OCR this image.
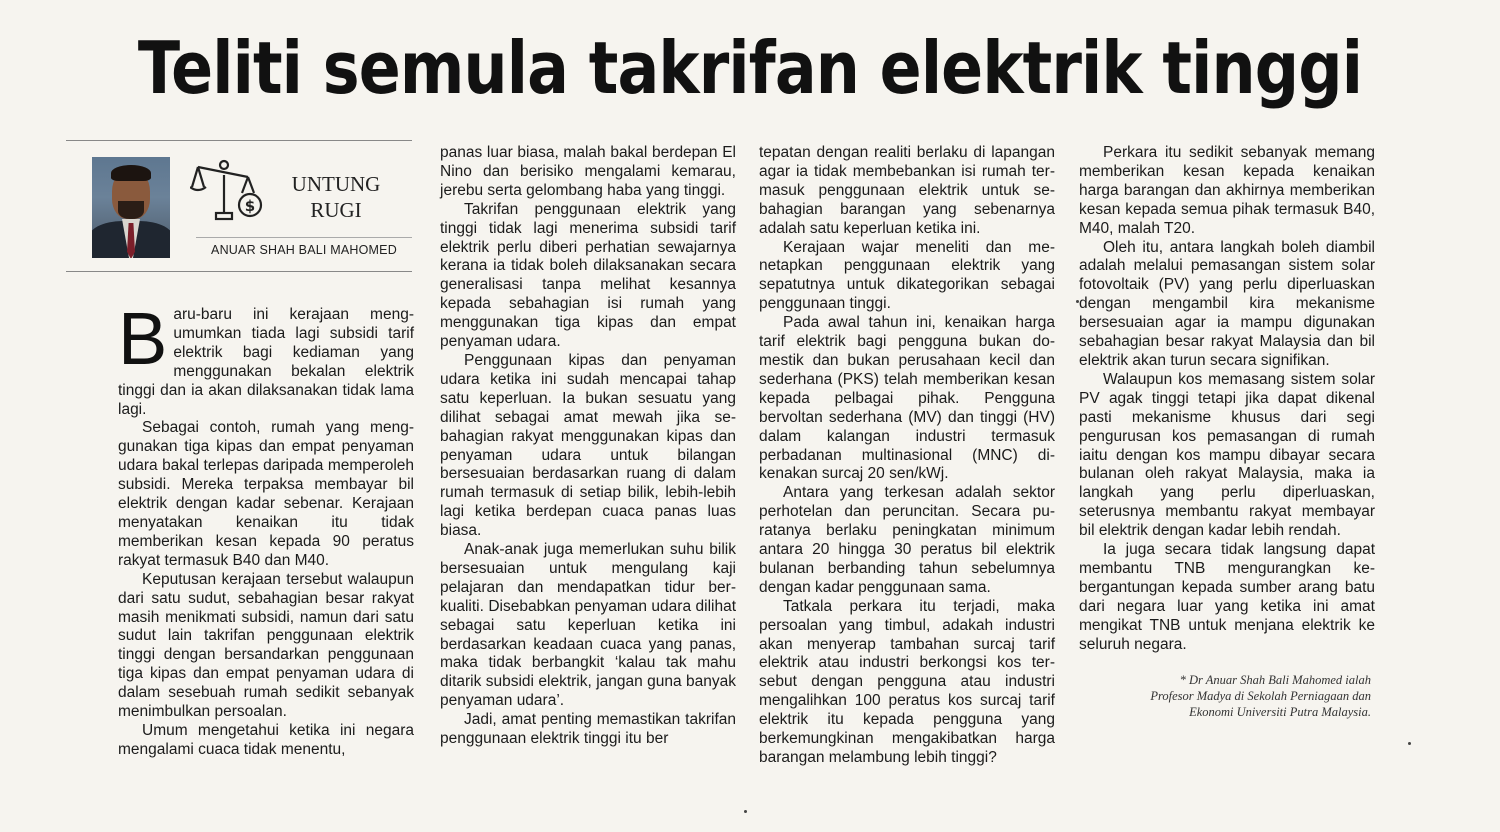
Teliti semula takrifan elektrik tinggi
$
UNTUNG
RUGI
ANUAR SHAH BALI MAHOMED

Baru-baru ini kerajaan mengumumkan tiada lagi subsidi tarif elektrik bagi kediaman yang menggunakan bekalan elektrik tinggi dan ia akan dilaksanakan tidak lama lagi.

Sebagai contoh, rumah yang menggunakan tiga kipas dan empat penyaman udara bakal terlepas daripada memperoleh subsidi. Mereka terpaksa membayar bil elektrik dengan kadar sebenar. Kerajaan menyatakan kenaikan itu tidak memberikan kesan kepada 90 peratus rakyat termasuk B40 dan M40.

Keputusan kerajaan tersebut walaupun dari satu sudut, sebahagian besar rakyat masih menikmati subsidi, namun dari satu sudut lain takrifan penggunaan elektrik tinggi dengan bersandarkan penggunaan tiga kipas dan empat penyaman udara di dalam sesebuah rumah sedikit sebanyak menimbulkan persoalan.

Umum mengetahui ketika ini negara mengalami cuaca tidak menentu,

panas luar biasa, malah bakal berdepan El Nino dan berisiko mengalami kemarau, jerebu serta gelombang haba yang tinggi.

Takrifan penggunaan elektrik yang tinggi tidak lagi menerima subsidi tarif elektrik perlu diberi perhatian sewajarnya kerana ia tidak boleh dilaksanakan secara generalisasi tanpa melihat kesannya kepada sebahagian isi rumah yang menggunakan tiga kipas dan empat penyaman udara.

Penggunaan kipas dan penyaman udara ketika ini sudah mencapai tahap satu keperluan. Ia bukan sesuatu yang dilihat sebagai amat mewah jika sebahagian rakyat menggunakan kipas dan penyaman udara untuk bilangan bersesuaian berdasarkan ruang di dalam rumah termasuk di setiap bilik, lebih-lebih lagi ketika berdepan cuaca panas luas biasa.

Anak-anak juga memerlukan suhu bilik bersesuaian untuk mengulang kaji pelajaran dan mendapatkan tidur berkualiti. Disebabkan penyaman udara dilihat sebagai satu keperluan ketika ini berdasarkan keadaan cuaca yang panas, maka tidak berbangkit ‘kalau tak mahu ditarik subsidi elektrik, jangan guna banyak penyaman udara’.

Jadi, amat penting memastikan takrifan penggunaan elektrik tinggi itu ber

tepatan dengan realiti berlaku di lapangan agar ia tidak membebankan isi rumah termasuk penggunaan elektrik untuk sebahagian barangan yang sebenarnya adalah satu keperluan ketika ini.

Kerajaan wajar meneliti dan menetapkan penggunaan elektrik yang sepatutnya untuk dikategorikan sebagai penggunaan tinggi.

Pada awal tahun ini, kenaikan harga tarif elektrik bagi pengguna bukan domestik dan bukan perusahaan kecil dan sederhana (PKS) telah memberikan kesan kepada pelbagai pihak. Pengguna bervoltan sederhana (MV) dan tinggi (HV) dalam kalangan industri termasuk perbadanan multinasional (MNC) dikenakan surcaj 20 sen/kWj.

Antara yang terkesan adalah sektor perhotelan dan peruncitan. Secara puratanya berlaku peningkatan minimum antara 20 hingga 30 peratus bil elektrik bulanan berbanding tahun sebelumnya dengan kadar penggunaan sama.

Tatkala perkara itu terjadi, maka persoalan yang timbul, adakah industri akan menyerap tambahan surcaj tarif elektrik atau industri berkongsi kos tersebut dengan pengguna atau industri mengalihkan 100 peratus kos surcaj tarif elektrik itu kepada pengguna yang berkemungkinan mengakibatkan harga barangan melambung lebih tinggi?

Perkara itu sedikit sebanyak memang memberikan kesan kepada kenaikan harga barangan dan akhirnya memberikan kesan kepada semua pihak termasuk B40, M40, malah T20.

Oleh itu, antara langkah boleh diambil adalah melalui pemasangan sistem solar fotovoltaik (PV) yang perlu diperluaskan dengan mengambil kira mekanisme bersesuaian agar ia mampu digunakan sebahagian besar rakyat Malaysia dan bil elektrik akan turun secara signifikan.

Walaupun kos memasang sistem solar PV agak tinggi tetapi jika dapat dikenal pasti mekanisme khusus dari segi pengurusan kos pemasangan di rumah iaitu dengan kos mampu dibayar secara bulanan oleh rakyat Malaysia, maka ia langkah yang perlu diperluaskan, seterusnya membantu rakyat membayar bil elektrik dengan kadar lebih rendah.

Ia juga secara tidak langsung dapat membantu TNB mengurangkan kebergantungan kepada sumber arang batu dari negara luar yang ketika ini amat mengikat TNB untuk menjana elektrik ke seluruh negara.

* Dr Anuar Shah Bali Mahomed ialah
Profesor Madya di Sekolah Perniagaan dan
Ekonomi Universiti Putra Malaysia.
